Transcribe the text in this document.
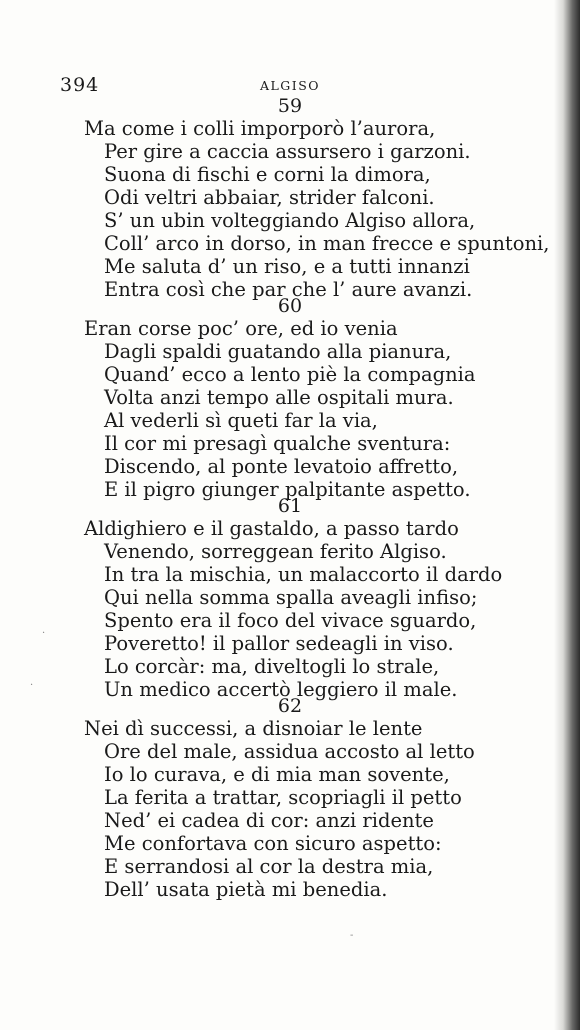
394	ALGISO
59
Ma come i colli imporporò l’aurora,
Per gire a caccia assursero i garzoni.
Suona di fischi e corni la dimora,
Odi veltri abbaiar, strider falconi.
S’ un ubin volteggiando Algiso allora,
Coll’ arco in dorso, in man frecce e spuntoni,
Me saluta d’ un riso, e a tutti innanzi
Entra così che par che l’ aure avanzi.
60
Eran corse poc’ ore, ed io venia
Dagli spaldi guatando alla pianura,
Quand’ ecco a lento piè la compagnia
Volta anzi tempo alle ospitali mura.
Al vederli sì queti far la via,
Il cor mi presagì qualche sventura:
Discendo, al ponte levatoio affretto,
E il pigro giunger palpitante aspetto.
61
Aldighiero e il gastaldo, a passo tardo
Venendo, sorreggean ferito Algiso.
In tra la mischia, un malaccorto il dardo
Qui nella somma spalla aveagli infiso;
Spento era il foco del vivace sguardo,
Poveretto! il pallor sedeagli in viso.
Lo corcàr: ma, diveltogli lo strale,
Un medico accertò leggiero il male.
62
Nei dì successi, a disnoiar le lente
Ore del male, assidua accosto al letto
Io lo curava, e di mia man sovente,
La ferita a trattar, scopriagli il petto
Ned’ ei cadea di cor: anzi ridente
Me confortava con sicuro aspetto:
E serrandosi al cor la destra mia,
Dell’ usata pietà mi benedia.
·
·
-
